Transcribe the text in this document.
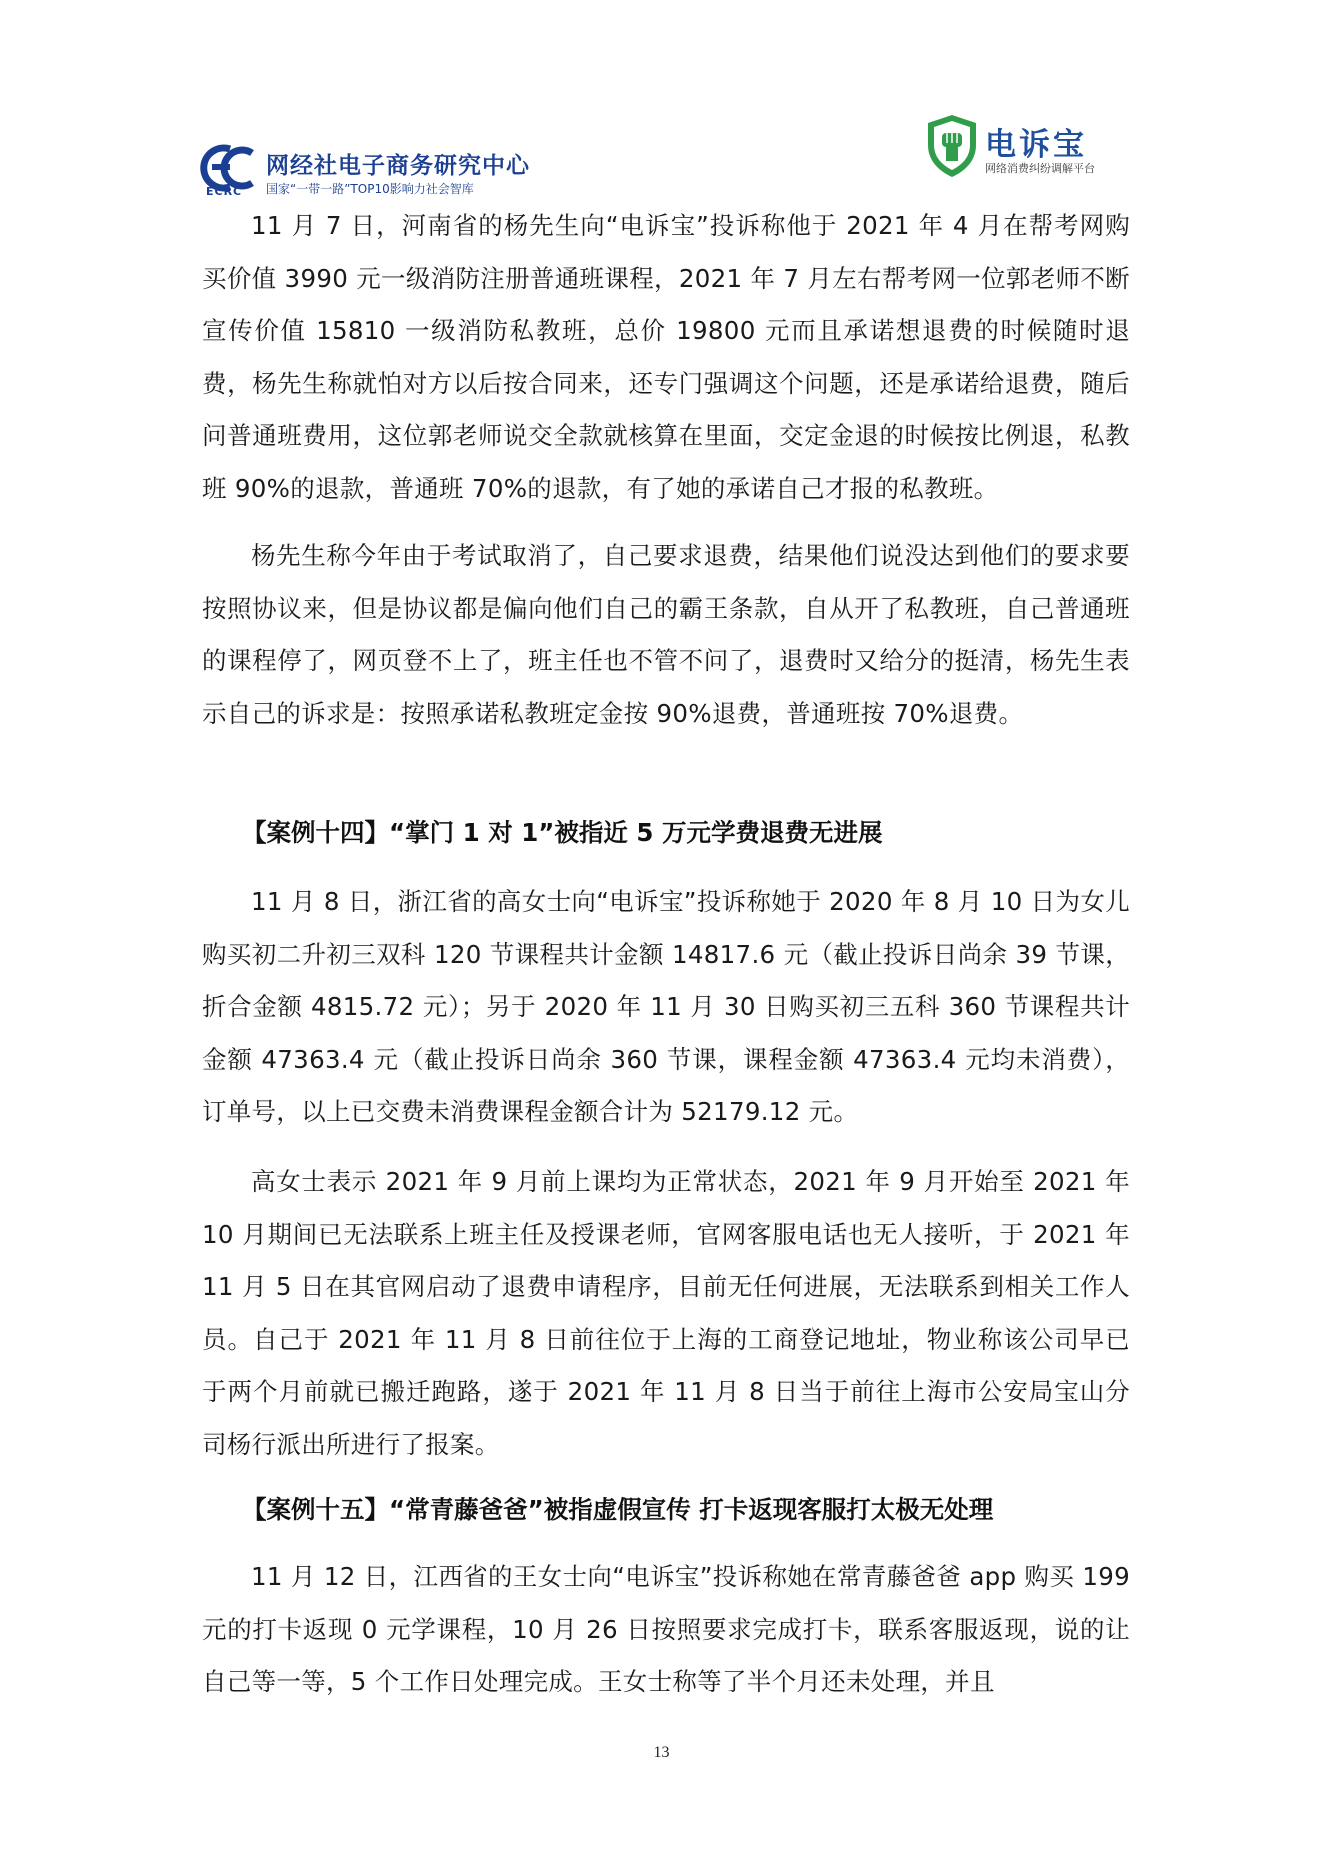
ECRC
网经社电子商务研究中心
国家“一带一路”TOP10影响力社会智库
电诉宝
网络消费纠纷调解平台

11 月 7 日，河南省的杨先生向“电诉宝”投诉称他于 2021 年 4 月在帮考网购买价值 3990 元一级消防注册普通班课程，2021 年 7 月左右帮考网一位郭老师不断宣传价值 15810 一级消防私教班，总价 19800 元而且承诺想退费的时候随时退费，杨先生称就怕对方以后按合同来，还专门强调这个问题，还是承诺给退费，随后问普通班费用，这位郭老师说交全款就核算在里面，交定金退的时候按比例退，私教班 90%的退款，普通班 70%的退款，有了她的承诺自己才报的私教班。

杨先生称今年由于考试取消了，自己要求退费，结果他们说没达到他们的要求要按照协议来，但是协议都是偏向他们自己的霸王条款，自从开了私教班，自己普通班的课程停了，网页登不上了，班主任也不管不问了，退费时又给分的挺清，杨先生表示自己的诉求是：按照承诺私教班定金按 90%退费，普通班按 70%退费。

【案例十四】“掌门 1 对 1”被指近 5 万元学费退费无进展

11 月 8 日，浙江省的高女士向“电诉宝”投诉称她于 2020 年 8 月 10 日为女儿购买初二升初三双科 120 节课程共计金额 14817.6 元（截止投诉日尚余 39 节课，折合金额 4815.72 元）；另于 2020 年 11 月 30 日购买初三五科 360 节课程共计金额 47363.4 元（截止投诉日尚余 360 节课，课程金额 47363.4 元均未消费），订单号，以上已交费未消费课程金额合计为 52179.12 元。

高女士表示 2021 年 9 月前上课均为正常状态，2021 年 9 月开始至 2021 年 10 月期间已无法联系上班主任及授课老师，官网客服电话也无人接听，于 2021 年 11 月 5 日在其官网启动了退费申请程序，目前无任何进展，无法联系到相关工作人员。自己于 2021 年 11 月 8 日前往位于上海的工商登记地址，物业称该公司早已于两个月前就已搬迁跑路，遂于 2021 年 11 月 8 日当于前往上海市公安局宝山分司杨行派出所进行了报案。

【案例十五】“常青藤爸爸”被指虚假宣传 打卡返现客服打太极无处理

11 月 12 日，江西省的王女士向“电诉宝”投诉称她在常青藤爸爸 app 购买 199 元的打卡返现 0 元学课程，10 月 26 日按照要求完成打卡，联系客服返现，说的让自己等一等，5 个工作日处理完成。王女士称等了半个月还未处理，并且

13
